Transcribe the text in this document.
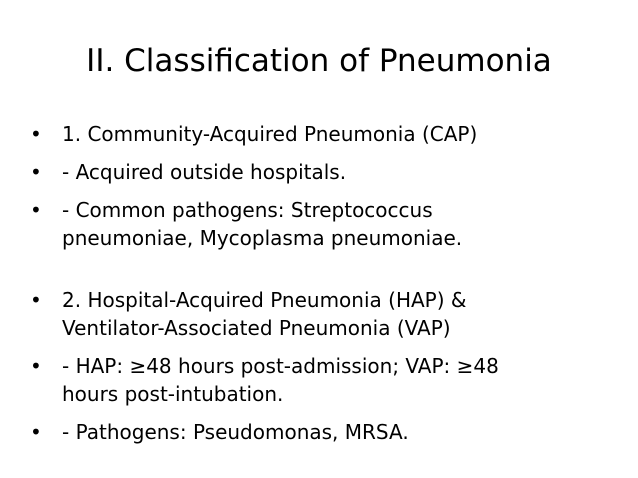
II. Classification of Pneumonia
•	1. Community-Acquired Pneumonia (CAP)
•	- Acquired outside hospitals.
•	- Common pathogens: Streptococcus
pneumoniae, Mycoplasma pneumoniae.
•	2. Hospital-Acquired Pneumonia (HAP) &
Ventilator-Associated Pneumonia (VAP)
•	- HAP: ≥48 hours post-admission; VAP: ≥48
hours post-intubation.
•	- Pathogens: Pseudomonas, MRSA.
